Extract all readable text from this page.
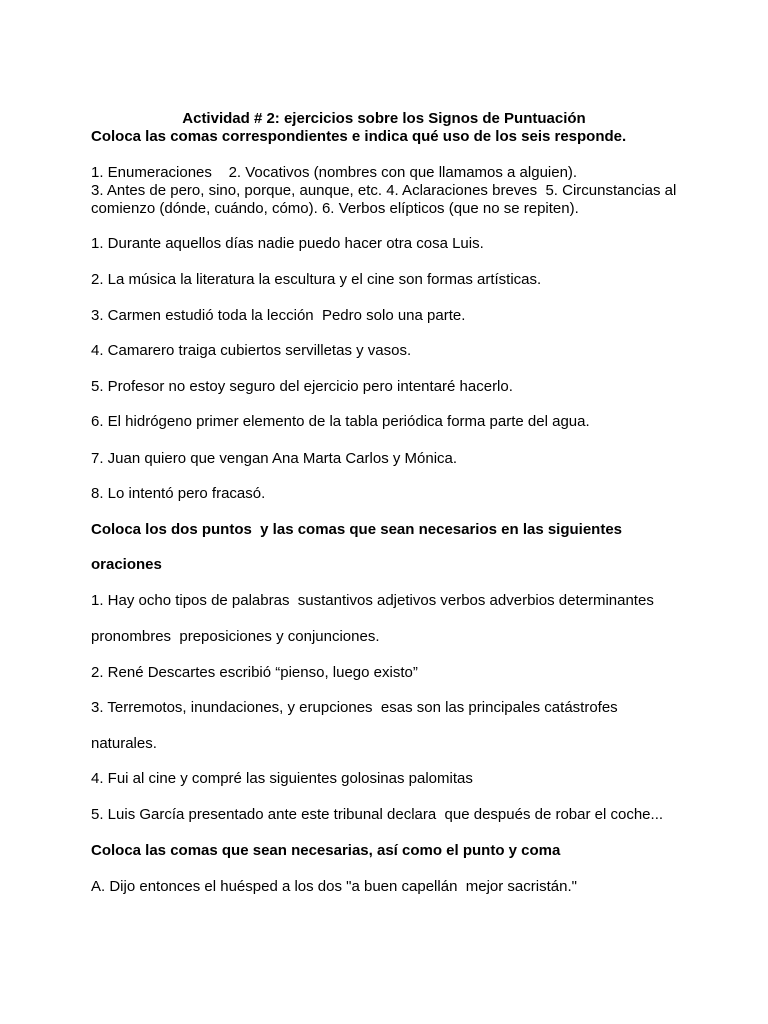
Actividad # 2: ejercicios sobre los Signos de Puntuación

Coloca las comas correspondientes e indica qué uso de los seis responde.

1. Enumeraciones    2. Vocativos (nombres con que llamamos a alguien).

3. Antes de pero, sino, porque, aunque, etc. 4. Aclaraciones breves  5. Circunstancias al

comienzo (dónde, cuándo, cómo). 6. Verbos elípticos (que no se repiten).

1. Durante aquellos días nadie puedo hacer otra cosa Luis.

2. La música la literatura la escultura y el cine son formas artísticas.

3. Carmen estudió toda la lección  Pedro solo una parte.

4. Camarero traiga cubiertos servilletas y vasos.

5. Profesor no estoy seguro del ejercicio pero intentaré hacerlo.

6. El hidrógeno primer elemento de la tabla periódica forma parte del agua.

7. Juan quiero que vengan Ana Marta Carlos y Mónica.

8. Lo intentó pero fracasó.

Coloca los dos puntos  y las comas que sean necesarios en las siguientes

oraciones

1. Hay ocho tipos de palabras  sustantivos adjetivos verbos adverbios determinantes

pronombres  preposiciones y conjunciones.

2. René Descartes escribió “pienso, luego existo”

3. Terremotos, inundaciones, y erupciones  esas son las principales catástrofes

naturales.

4. Fui al cine y compré las siguientes golosinas palomitas

5. Luis García presentado ante este tribunal declara  que después de robar el coche...

Coloca las comas que sean necesarias, así como el punto y coma

A. Dijo entonces el huésped a los dos "a buen capellán  mejor sacristán."
